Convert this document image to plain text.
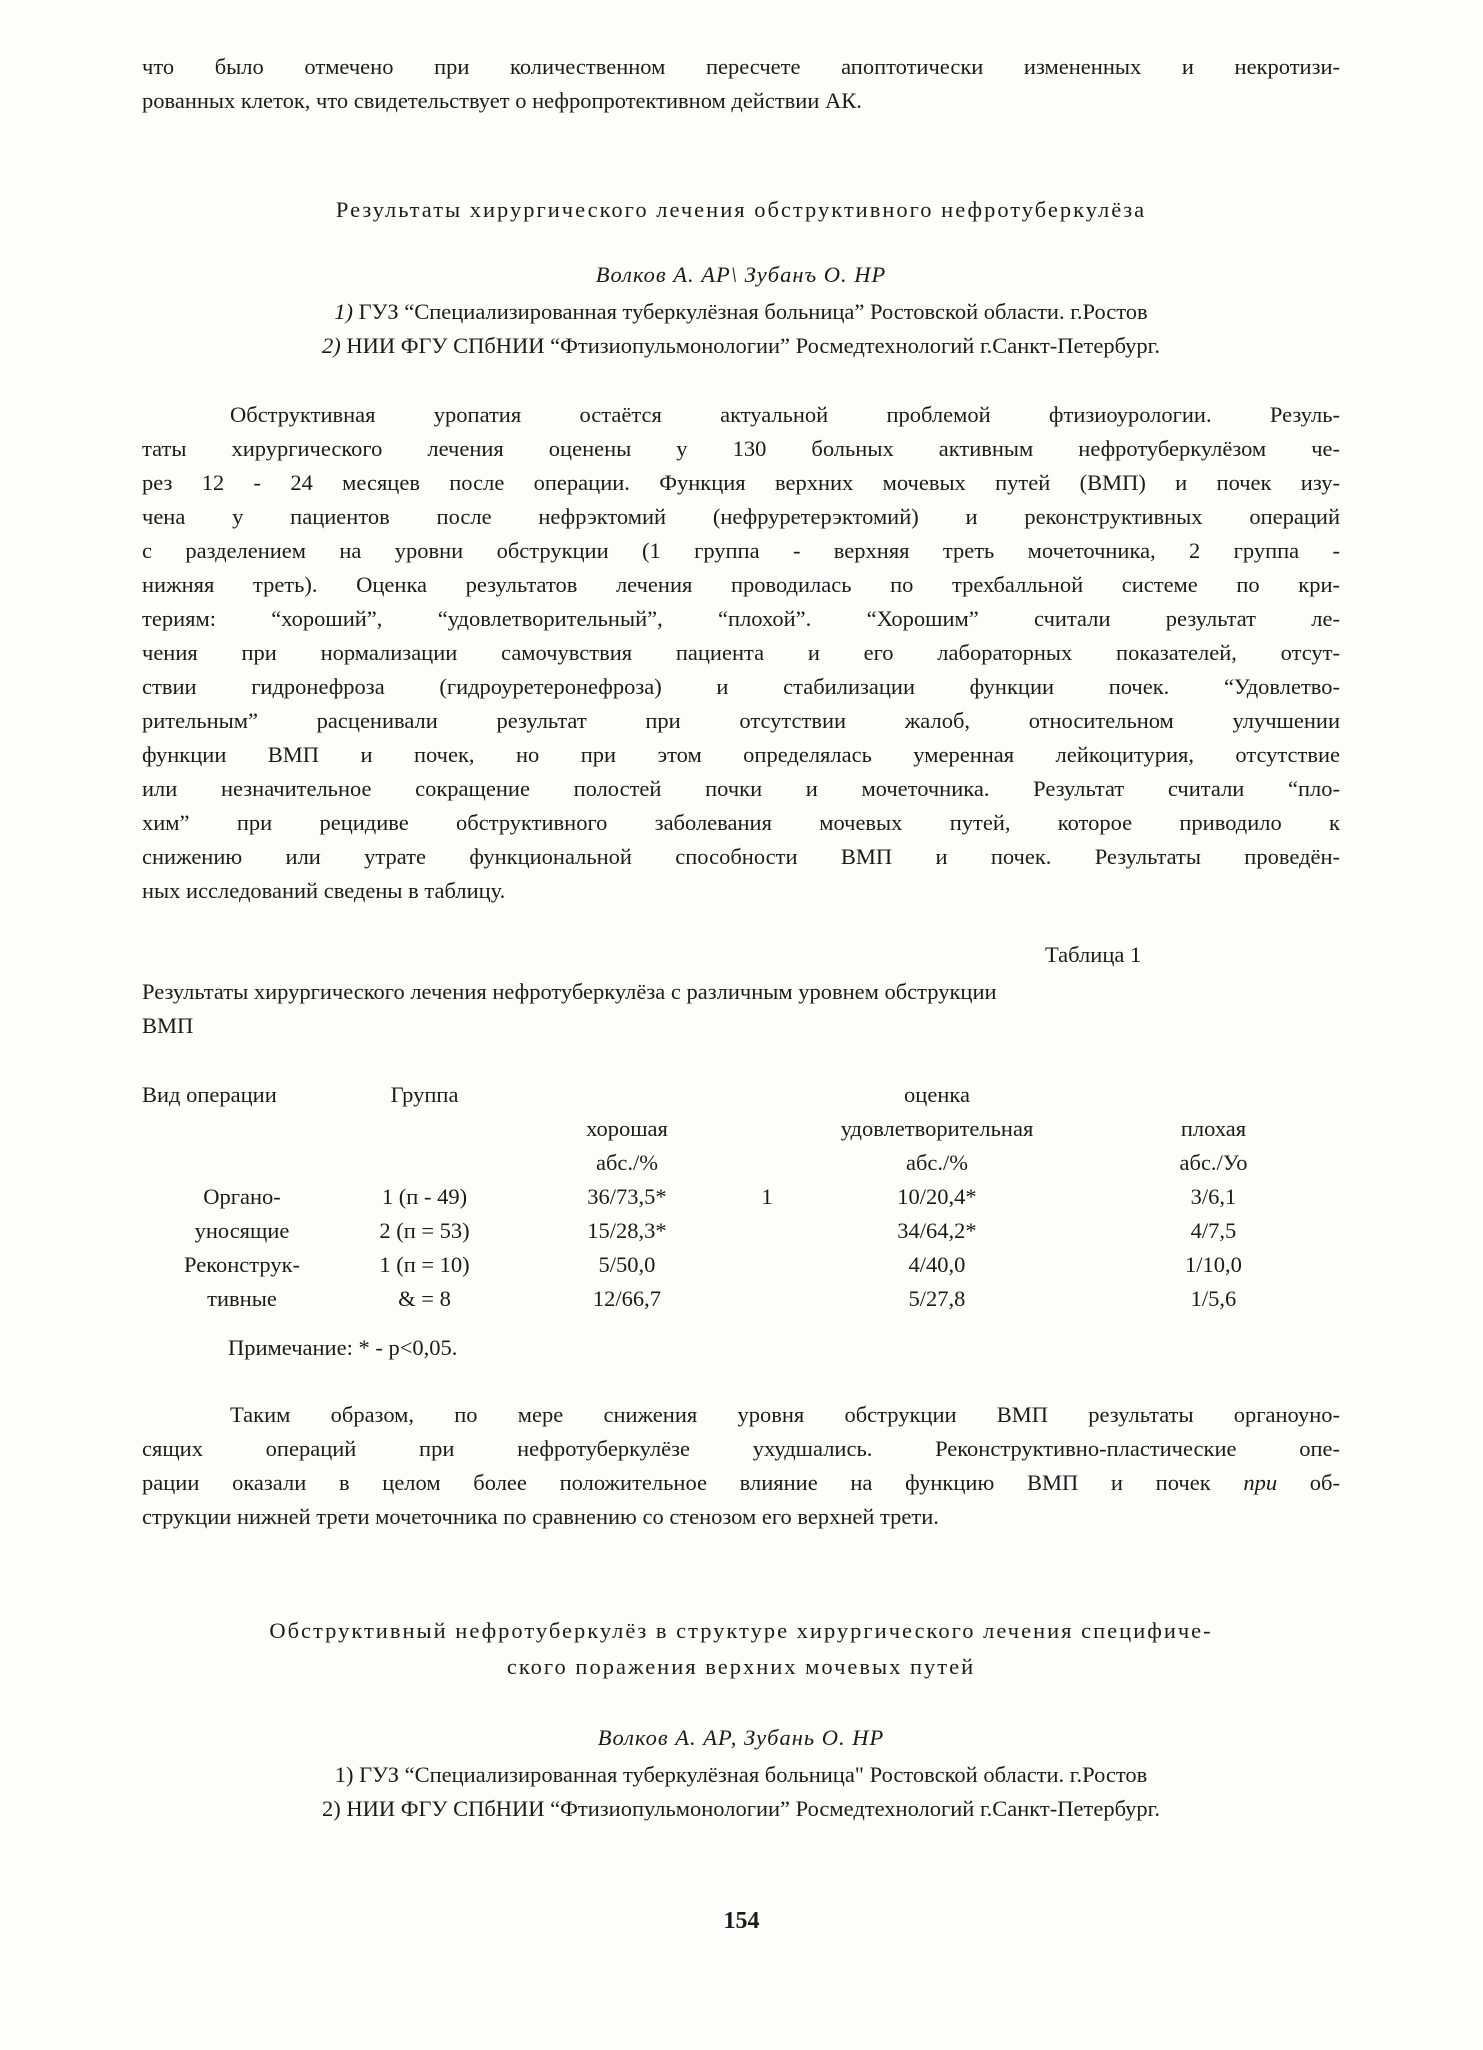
что было отмечено при количественном пересчете апоптотически измененных и некротизи-
рованных клеток, что свидетельствует о нефропротективном действии АК.
Результаты хирургического лечения обструктивного нефротуберкулёза
Волков А. АР\ Зубанъ О. НР
1) ГУЗ “Специализированная туберкулёзная больница” Ростовской области. г.Ростов
2) НИИ ФГУ СПбНИИ “Фтизиопульмонологии” Росмедтехнологий г.Санкт-Петербург.
Обструктивная уропатия остаётся актуальной проблемой фтизиоурологии. Резуль-
таты хирургического лечения оценены у 130 больных активным нефротуберкулёзом че-
рез 12 - 24 месяцев после операции. Функция верхних мочевых путей (ВМП) и почек изу-
чена у пациентов после нефрэктомий (нефруретерэктомий) и реконструктивных операций
с разделением на уровни обструкции (1 группа - верхняя треть мочеточника, 2 группа -
нижняя треть). Оценка результатов лечения проводилась по трехбалльной системе по кри-
териям: “хороший”, “удовлетворительный”, “плохой”. “Хорошим” считали результат ле-
чения при нормализации самочувствия пациента и его лабораторных показателей, отсут-
ствии гидронефроза (гидроуретеронефроза) и стабилизации функции почек. “Удовлетво-
рительным” расценивали результат при отсутствии жалоб, относительном улучшении
функции ВМП и почек, но при этом определялась умеренная лейкоцитурия, отсутствие
или незначительное сокращение полостей почки и мочеточника. Результат считали “пло-
хим” при рецидиве обструктивного заболевания мочевых путей, которое приводило к
снижению или утрате функциональной способности ВМП и почек. Результаты проведён-
ных исследований сведены в таблицу.
Таблица 1
Результаты хирургического лечения нефротуберкулёза с различным уровнем обструкции
ВМП
Вид операции	Группа			оценка	
		хорошая		удовлетворительная	плохая
		абс./%		абс./%	абс./Уо
Органо-	1 (п - 49)	36/73,5*	1	10/20,4*	3/6,1
уносящие	2 (п = 53)	15/28,3*		34/64,2*	4/7,5
Реконструк-	1 (п = 10)	5/50,0		4/40,0	1/10,0
тивные	& = 8	12/66,7		5/27,8	1/5,6
Примечание: * - р<0,05.
Таким образом, по мере снижения уровня обструкции ВМП результаты органоуно-
сящих операций при нефротуберкулёзе ухудшались. Реконструктивно-пластические опе-
рации оказали в целом более положительное влияние на функцию ВМП и почек при об-
струкции нижней трети мочеточника по сравнению со стенозом его верхней трети.
Обструктивный нефротуберкулёз в структуре хирургического лечения специфиче-
ского поражения верхних мочевых путей
Волков А. АР, Зубань О. НР
1) ГУЗ “Специализированная туберкулёзная больница" Ростовской области. г.Ростов
2) НИИ ФГУ СПбНИИ “Фтизиопульмонологии” Росмедтехнологий г.Санкт-Петербург.
154
